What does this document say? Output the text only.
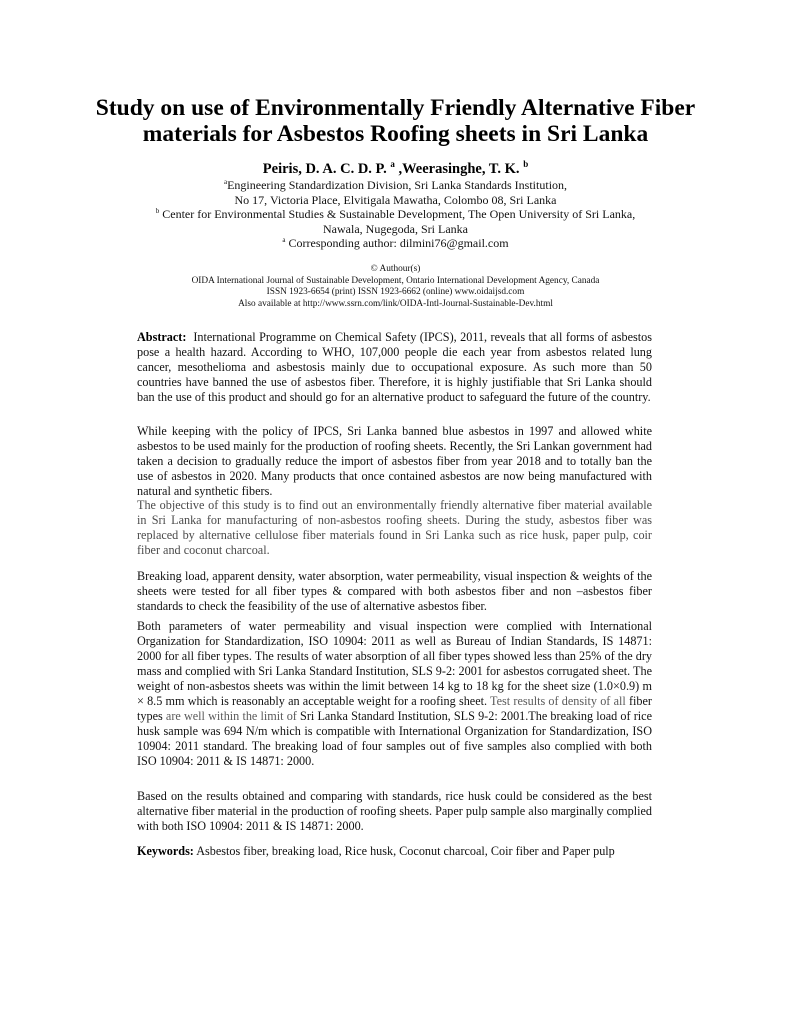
Study on use of Environmentally Friendly Alternative Fiber
materials for Asbestos Roofing sheets in Sri Lanka
Peiris, D. A. C. D. P. $^a$ ,Weerasinghe, T. K. $^b$
$^a$Engineering Standardization Division, Sri Lanka Standards Institution,
No 17, Victoria Place, Elvitigala Mawatha, Colombo 08, Sri Lanka
$^b$ Center for Environmental Studies & Sustainable Development, The Open University of Sri Lanka,
Nawala, Nugegoda, Sri Lanka
$^a$ Corresponding author: dilmini76@gmail.com
© Authour(s)
OIDA International Journal of Sustainable Development, Ontario International Development Agency, Canada
ISSN 1923-6654 (print) ISSN 1923-6662 (online) www.oidaijsd.com
Also available at http://www.ssrn.com/link/OIDA-Intl-Journal-Sustainable-Dev.html

Abstract: International Programme on Chemical Safety (IPCS), 2011, reveals that all forms of asbestos pose a health hazard. According to WHO, 107,000 people die each year from asbestos related lung cancer, mesothelioma and asbestosis mainly due to occupational exposure. As such more than 50 countries have banned the use of asbestos fiber. Therefore, it is highly justifiable that Sri Lanka should ban the use of this product and should go for an alternative product to safeguard the future of the country.

While keeping with the policy of IPCS, Sri Lanka banned blue asbestos in 1997 and allowed white asbestos to be used mainly for the production of roofing sheets. Recently, the Sri Lankan government had taken a decision to gradually reduce the import of asbestos fiber from year 2018 and to totally ban the use of asbestos in 2020. Many products that once contained asbestos are now being manufactured with natural and synthetic fibers.

The objective of this study is to find out an environmentally friendly alternative fiber material available in Sri Lanka for manufacturing of non-asbestos roofing sheets. During the study, asbestos fiber was replaced by alternative cellulose fiber materials found in Sri Lanka such as rice husk, paper pulp, coir fiber and coconut charcoal.

Breaking load, apparent density, water absorption, water permeability, visual inspection & weights of the sheets were tested for all fiber types & compared with both asbestos fiber and non –asbestos fiber standards to check the feasibility of the use of alternative asbestos fiber.

Both parameters of water permeability and visual inspection were complied with International Organization for Standardization, ISO 10904: 2011 as well as Bureau of Indian Standards, IS 14871: 2000 for all fiber types. The results of water absorption of all fiber types showed less than 25% of the dry mass and complied with Sri Lanka Standard Institution, SLS 9-2: 2001 for asbestos corrugated sheet. The weight of non-asbestos sheets was within the limit between 14 kg to 18 kg for the sheet size (1.0×0.9) m × 8.5 mm which is reasonably an acceptable weight for a roofing sheet. Test results of density of all fiber types are well within the limit of Sri Lanka Standard Institution, SLS 9-2: 2001.The breaking load of rice husk sample was 694 N/m which is compatible with International Organization for Standardization, ISO 10904: 2011 standard. The breaking load of four samples out of five samples also complied with both ISO 10904: 2011 & IS 14871: 2000.

Based on the results obtained and comparing with standards, rice husk could be considered as the best alternative fiber material in the production of roofing sheets. Paper pulp sample also marginally complied with both ISO 10904: 2011 & IS 14871: 2000.

Keywords: Asbestos fiber, breaking load, Rice husk, Coconut charcoal, Coir fiber and Paper pulp
